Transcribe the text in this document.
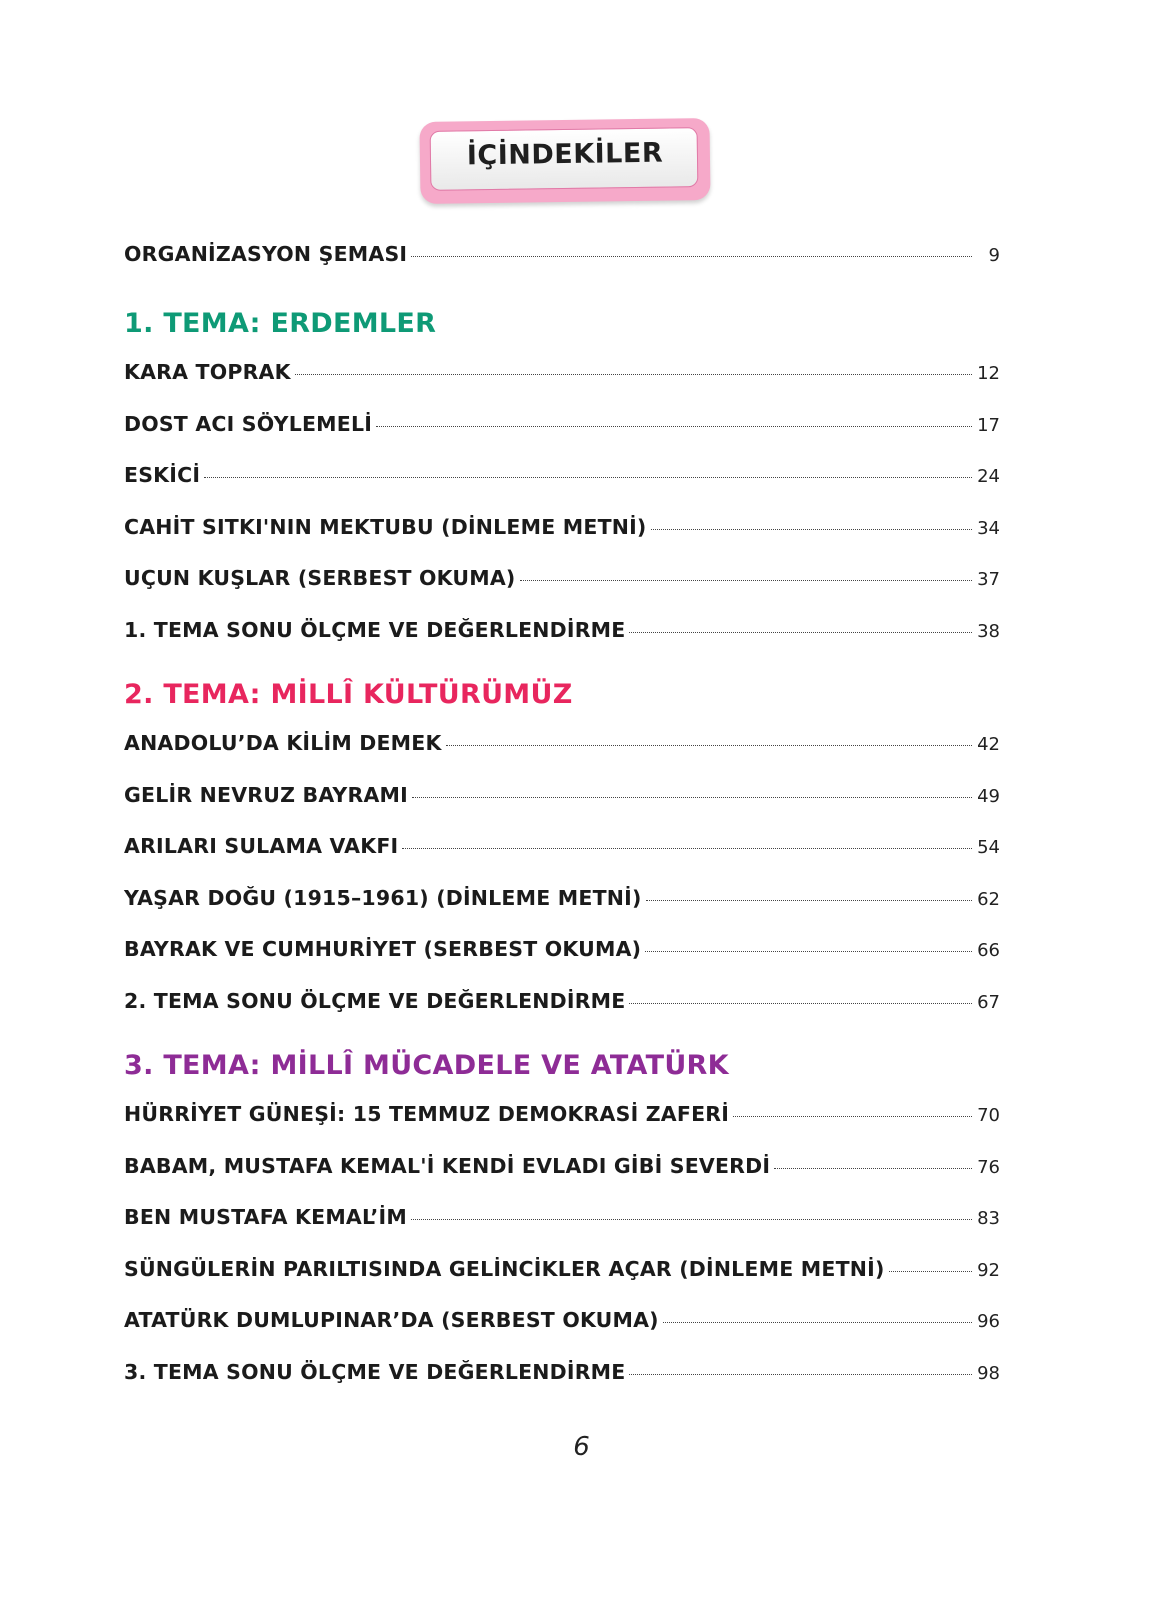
İÇİNDEKİLER
ORGANİZASYON ŞEMASI	9
1. TEMA: ERDEMLER
KARA TOPRAK	12
DOST ACI SÖYLEMELİ	17
ESKİCİ	24
CAHİT SITKI'NIN MEKTUBU (DİNLEME METNİ)	34
UÇUN KUŞLAR (SERBEST OKUMA)	37
1. TEMA SONU ÖLÇME VE DEĞERLENDİRME	38
2. TEMA: MİLLÎ KÜLTÜRÜMÜZ
ANADOLU’DA KİLİM DEMEK	42
GELİR NEVRUZ BAYRAMI	49
ARILARI SULAMA VAKFI	54
YAŞAR DOĞU (1915–1961) (DİNLEME METNİ)	62
BAYRAK VE CUMHURİYET (SERBEST OKUMA)	66
2. TEMA SONU ÖLÇME VE DEĞERLENDİRME	67
3. TEMA: MİLLÎ MÜCADELE VE ATATÜRK
HÜRRİYET GÜNEŞİ: 15 TEMMUZ DEMOKRASİ ZAFERİ	70
BABAM, MUSTAFA KEMAL'İ KENDİ EVLADI GİBİ SEVERDİ	76
BEN MUSTAFA KEMAL’İM	83
SÜNGÜLERİN PARILTISINDA GELİNCİKLER AÇAR (DİNLEME METNİ)	92
ATATÜRK DUMLUPINAR’DA (SERBEST OKUMA)	96
3. TEMA SONU ÖLÇME VE DEĞERLENDİRME	98
6
